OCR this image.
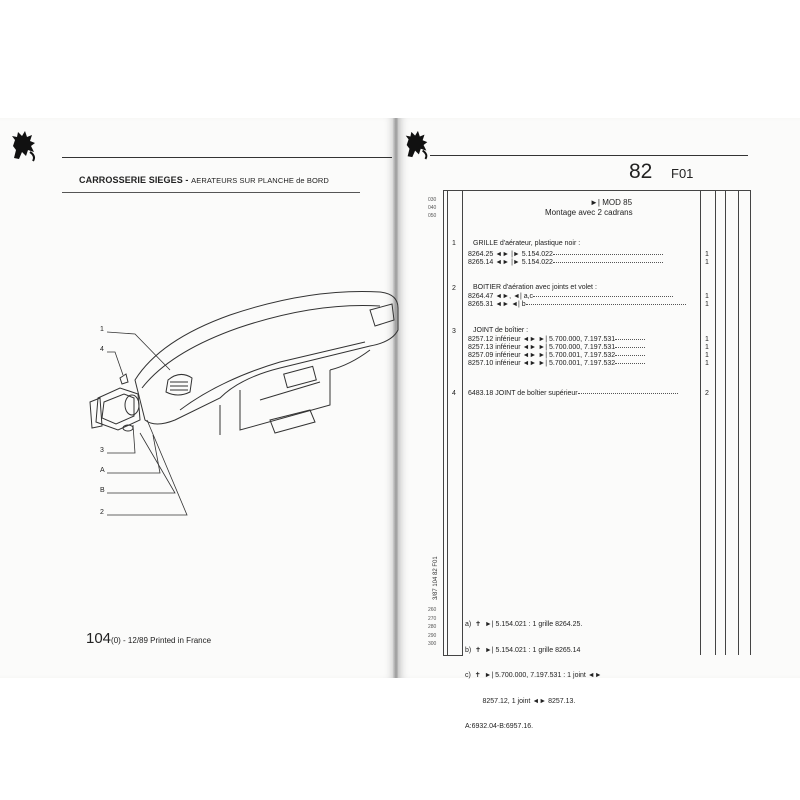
CARROSSERIE SIEGES - AERATEURS SUR PLANCHE de BORD
1
4
3
A
B
2
104(0) - 12/89 Printed in France
82 F01
030
040
050
►| MOD 85
Montage avec 2 cadrans
1 GRILLE d'aérateur, plastique noir :
8264.25 ◄► |► 5.154.022	1
8265.14 ◄► |► 5.154.022	1
2 BOITIER d'aération avec joints et volet :
8264.47 ◄►, ◄| a,c	1
8265.31 ◄► ◄| b	1
3 JOINT de boîtier :
8257.12 inférieur ◄► ►| 5.700.000, 7.197.531	1
8257.13 inférieur ◄► ►| 5.700.000, 7.197.531	1
8257.09 inférieur ◄► ►| 5.700.001, 7.197.532	1
8257.10 inférieur ◄► ►| 5.700.001, 7.197.532	1
4 6483.18 JOINT de boîtier supérieur	2
3/87 104 82 F01
260
270
280
290
300

a)  ✝  ►| 5.154.021 : 1 grille 8264.25.

b)  ✝  ►| 5.154.021 : 1 grille 8265.14

c)  ✝  ►| 5.700.000, 7.197.531 : 1 joint ◄►

8257.12, 1 joint ◄► 8257.13.

A:6932.04-B:6957.16.
